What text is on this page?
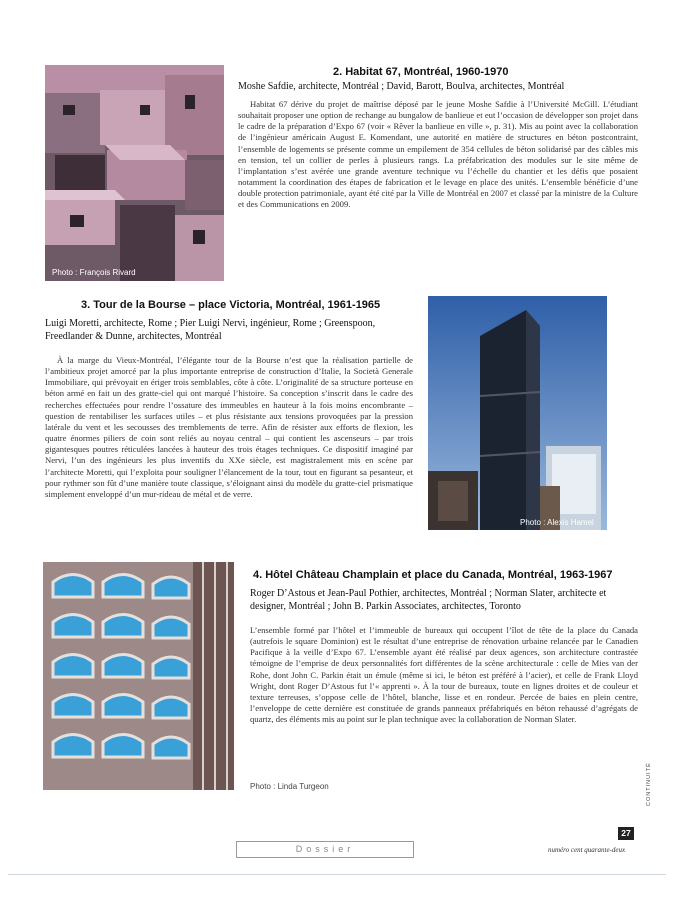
Photo : François Rivard
2. Habitat 67, Montréal, 1960-1970
Moshe Safdie, architecte, Montréal ; David, Barott, Boulva, architectes, Montréal

Habitat 67 dérive du projet de maîtrise déposé par le jeune Moshe Safdie à l’Université McGill. L’étudiant souhaitait proposer une option de rechange au bungalow de banlieue et eut l’occasion de développer son projet dans le cadre de la préparation d’Expo 67 (voir « Rêver la banlieue en ville », p. 31). Mis au point avec la collaboration de l’ingénieur américain August E. Komendant, une autorité en matière de structures en béton postcontraint, l’ensemble de logements se présente comme un empilement de 354 cellules de béton solidarisé par des câbles mis en tension, tel un collier de perles à plusieurs rangs. La préfabrication des modules sur le site même de l’implantation s’est avérée une grande aventure technique vu l’échelle du chantier et les défis que posaient notamment la coordination des étapes de fabrication et le levage en place des unités. L’ensemble bénéficie d’une double protection patrimoniale, ayant été cité par la Ville de Montréal en 2007 et classé par la ministre de la Culture et des Communications en 2009.

3. Tour de la Bourse – place Victoria, Montréal, 1961-1965
Luigi Moretti, architecte, Rome ; Pier Luigi Nervi, ingénieur, Rome ; Greenspoon, Freedlander & Dunne, architectes, Montréal

À la marge du Vieux-Montréal, l’élégante tour de la Bourse n’est que la réalisation partielle de l’ambitieux projet amorcé par la plus importante entreprise de construction d’Italie, la Società Generale Immobiliare, qui prévoyait en ériger trois semblables, côte à côte. L’originalité de sa structure porteuse en béton armé en fait un des gratte-ciel qui ont marqué l’histoire. Sa conception s’inscrit dans le cadre des recherches effectuées pour rendre l’ossature des immeubles en hauteur à la fois moins encombrante – question de rentabiliser les surfaces utiles – et plus résistante aux tensions provoquées par la pression latérale du vent et les secousses des tremblements de terre. Afin de résister aux efforts de flexion, les quatre énormes piliers de coin sont reliés au noyau central – qui contient les ascenseurs – par trois gigantesques poutres réticulées lancées à hauteur des trois étages techniques. Ce dispositif imaginé par Nervi, l’un des ingénieurs les plus inventifs du XXe siècle, est magistralement mis en scène par l’architecte Moretti, qui l’exploita pour souligner l’élancement de la tour, tout en figurant sa pesanteur, et pour rythmer son fût d’une manière toute classique, s’éloignant ainsi du modèle du gratte-ciel prismatique simplement enveloppé d’un mur-rideau de métal et de verre.

Photo : Alexis Hamel
4. Hôtel Château Champlain et place du Canada, Montréal, 1963-1967
Roger D’Astous et Jean-Paul Pothier, architectes, Montréal ; Norman Slater, architecte et designer, Montréal ; John B. Parkin Associates, architectes, Toronto

L’ensemble formé par l’hôtel et l’immeuble de bureaux qui occupent l’îlot de tête de la place du Canada (autrefois le square Dominion) est le résultat d’une entreprise de rénovation urbaine relancée par le Canadien Pacifique à la veille d’Expo 67. L’ensemble ayant été réalisé par deux agences, son architecture contrastée témoigne de l’emprise de deux personnalités fort différentes de la scène architecturale : celle de Mies van der Rohe, dont John C. Parkin était un émule (même si ici, le béton est préféré à l’acier), et celle de Frank Lloyd Wright, dont Roger D’Astous fut l’« apprenti ». À la tour de bureaux, toute en lignes droites et de couleur et texture terreuses, s’oppose celle de l’hôtel, blanche, lisse et en rondeur. Percée de baies en plein centre, l’enveloppe de cette dernière est constituée de grands panneaux préfabriqués en béton rehaussé d’agrégats de quartz, des éléments mis au point sur le plan technique avec la collaboration de Norman Slater.

Photo : Linda Turgeon
Dossier
27
numéro cent quarante-deux
CONTINUITÉ
